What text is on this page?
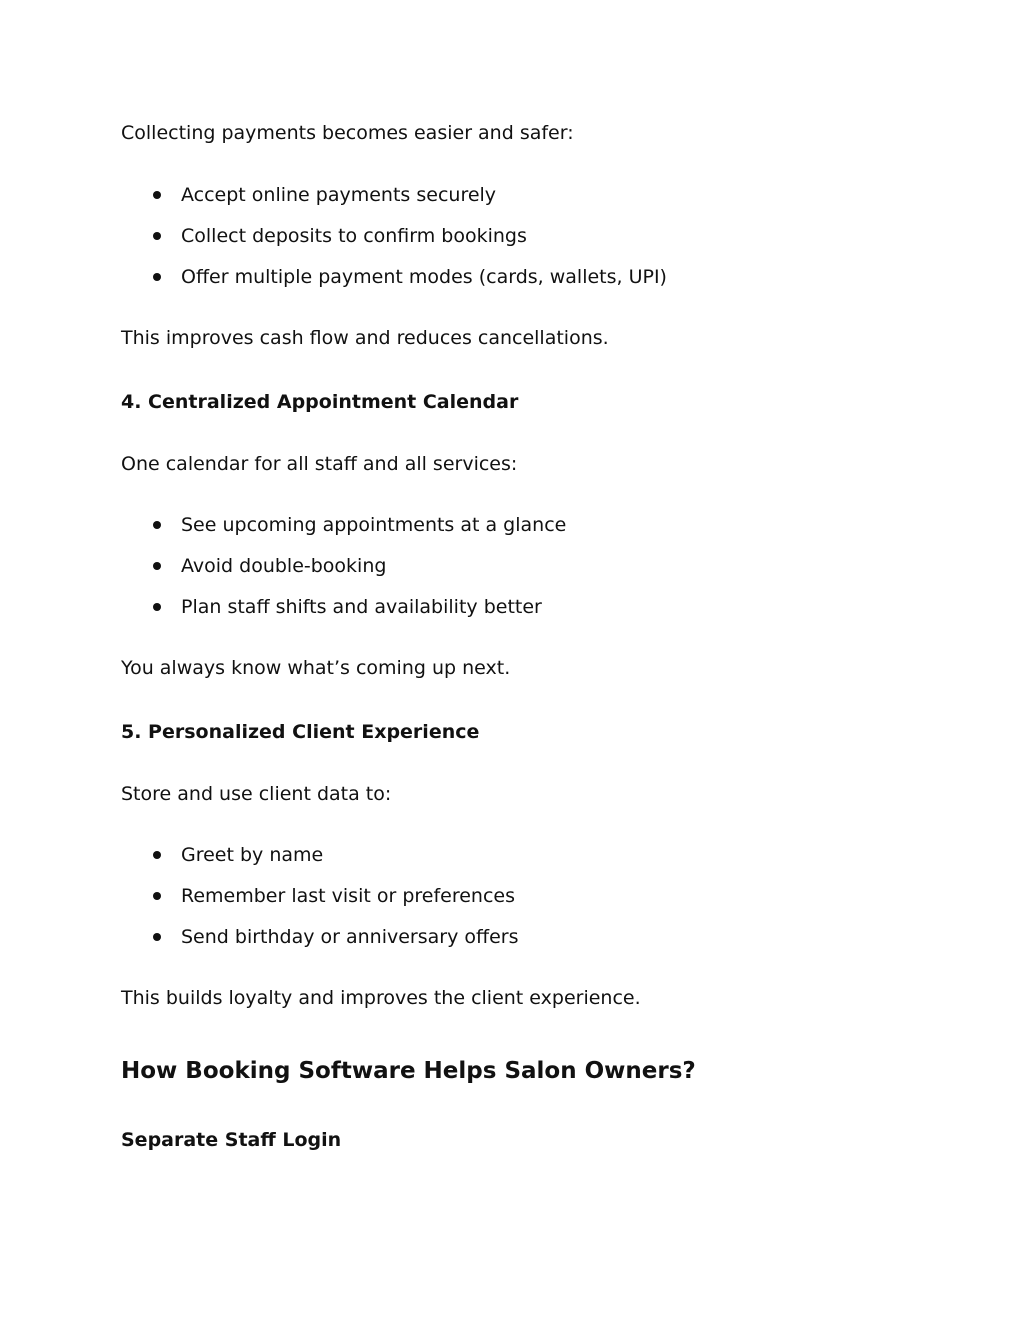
Collecting payments becomes easier and safer:
Accept online payments securely
Collect deposits to confirm bookings
Offer multiple payment modes (cards, wallets, UPI)
This improves cash flow and reduces cancellations.
4. Centralized Appointment Calendar
One calendar for all staff and all services:
See upcoming appointments at a glance
Avoid double-booking
Plan staff shifts and availability better
You always know what’s coming up next.
5. Personalized Client Experience
Store and use client data to:
Greet by name
Remember last visit or preferences
Send birthday or anniversary offers
This builds loyalty and improves the client experience.
How Booking Software Helps Salon Owners?
Separate Staff Login
